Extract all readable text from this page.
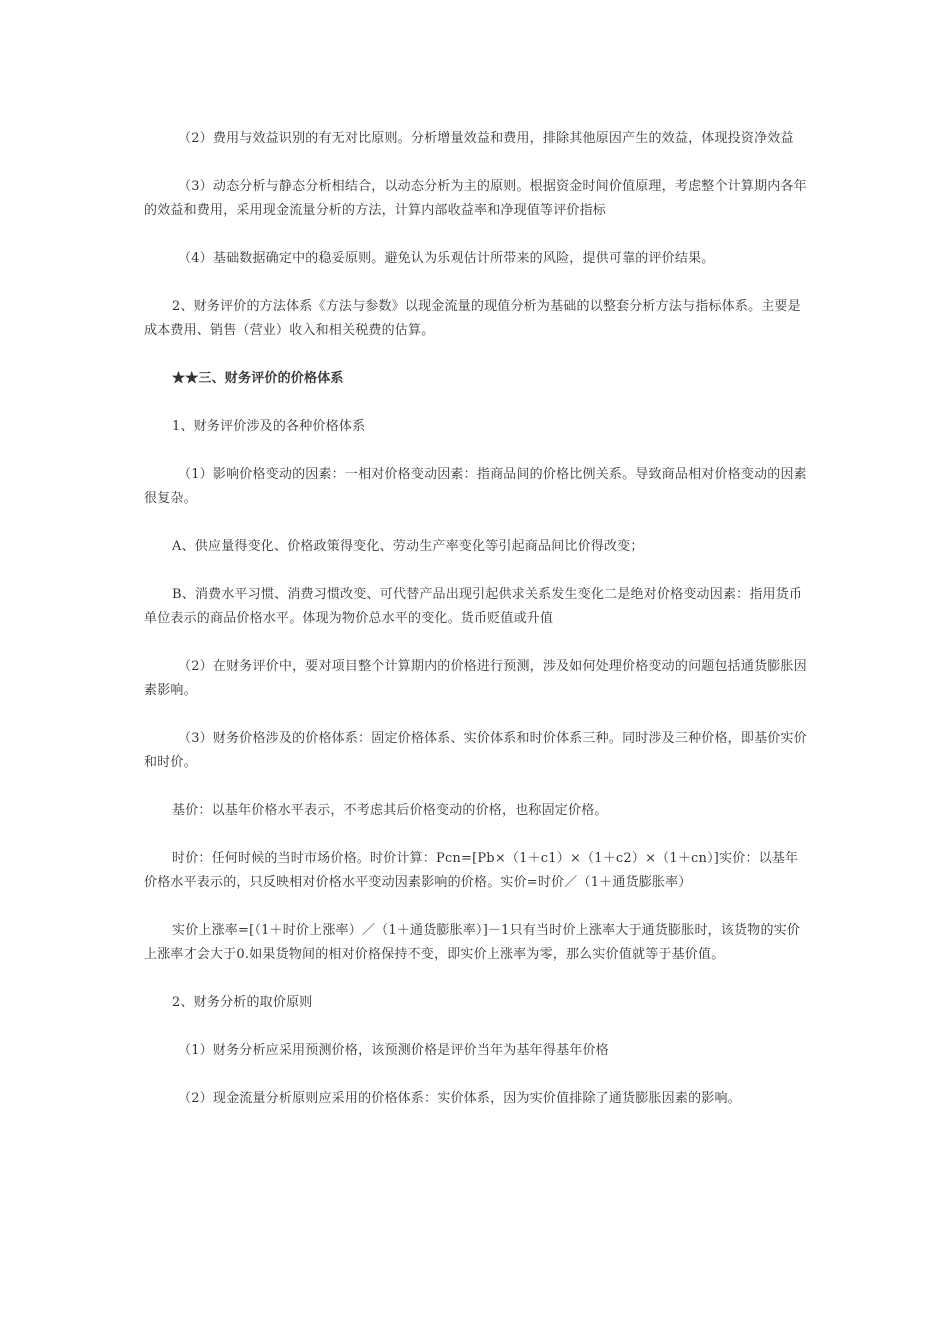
（2）费用与效益识别的有无对比原则。分析增量效益和费用，排除其他原因产生的效益，体现投资净效益

（3）动态分析与静态分析相结合，以动态分析为主的原则。根据资金时间价值原理，考虑整个计算期内各年的效益和费用，采用现金流量分析的方法，计算内部收益率和净现值等评价指标

（4）基础数据确定中的稳妥原则。避免认为乐观估计所带来的风险，提供可靠的评价结果。

2、财务评价的方法体系《方法与参数》以现金流量的现值分析为基础的以整套分析方法与指标体系。主要是成本费用、销售（营业）收入和相关税费的估算。

★★三、财务评价的价格体系

1、财务评价涉及的各种价格体系

（1）影响价格变动的因素：一相对价格变动因素：指商品间的价格比例关系。导致商品相对价格变动的因素很复杂。

A、供应量得变化、价格政策得变化、劳动生产率变化等引起商品间比价得改变；

B、消费水平习惯、消费习惯改变、可代替产品出现引起供求关系发生变化二是绝对价格变动因素：指用货币单位表示的商品价格水平。体现为物价总水平的变化。货币贬值或升值

（2）在财务评价中，要对项目整个计算期内的价格进行预测，涉及如何处理价格变动的问题包括通货膨胀因素影响。

（3）财务价格涉及的价格体系：固定价格体系、实价体系和时价体系三种。同时涉及三种价格，即基价实价和时价。

基价：以基年价格水平表示，不考虑其后价格变动的价格，也称固定价格。

时价：任何时候的当时市场价格。时价计算：Pcn=[Pb×（1＋c1）×（1＋c2）×（1＋cn）]实价：以基年价格水平表示的，只反映相对价格水平变动因素影响的价格。实价=时价／（1＋通货膨胀率）

实价上涨率=[（1＋时价上涨率）／（1＋通货膨胀率）]－1只有当时价上涨率大于通货膨胀时，该货物的实价上涨率才会大于0.如果货物间的相对价格保持不变，即实价上涨率为零，那么实价值就等于基价值。

2、财务分析的取价原则

（1）财务分析应采用预测价格，该预测价格是评价当年为基年得基年价格

（2）现金流量分析原则应采用的价格体系：实价体系，因为实价值排除了通货膨胀因素的影响。
